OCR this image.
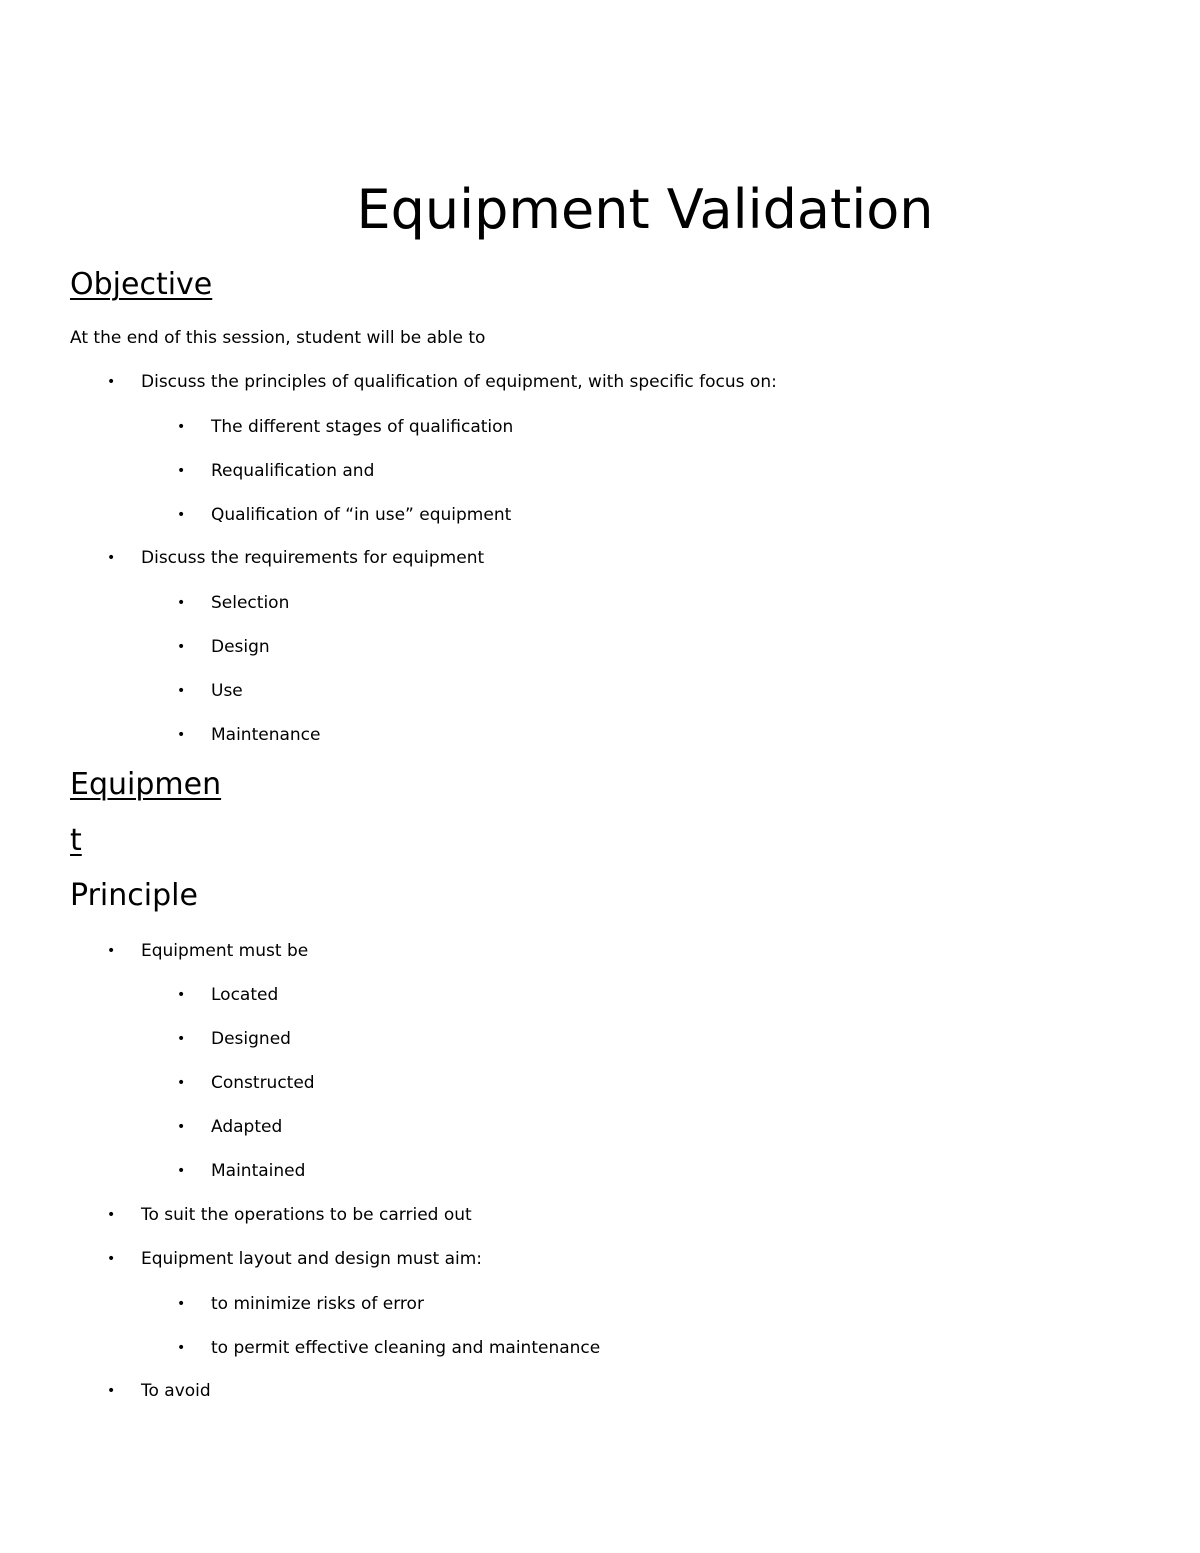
Equipment Validation
Objective
At the end of this session, student will be able to
• Discuss the principles of qualification of equipment, with specific focus on:
• The different stages of qualification
• Requalification and
• Qualification of “in use” equipment
• Discuss the requirements for equipment
• Selection
• Design
• Use
• Maintenance
Equipmen
t
Principle
• Equipment must be
• Located
• Designed
• Constructed
• Adapted
• Maintained
• To suit the operations to be carried out
• Equipment layout and design must aim:
• to minimize risks of error
• to permit effective cleaning and maintenance
• To avoid
